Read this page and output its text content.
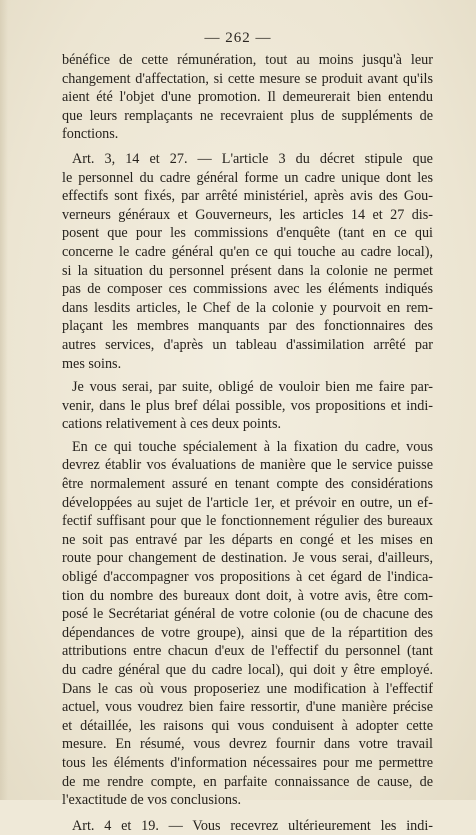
— 262 —
bénéfice de cette rémunération, tout au moins jusqu'à leur
changement d'affectation, si cette mesure se produit avant qu'ils
aient été l'objet d'une promotion. Il demeurerait bien entendu
que leurs remplaçants ne recevraient plus de suppléments de
fonctions.
Art. 3, 14 et 27. — L'article 3 du décret stipule que
le personnel du cadre général forme un cadre unique dont les
effectifs sont fixés, par arrêté ministériel, après avis des Gou-
verneurs généraux et Gouverneurs, les articles 14 et 27 dis-
posent que pour les commissions d'enquête (tant en ce qui
concerne le cadre général qu'en ce qui touche au cadre local),
si la situation du personnel présent dans la colonie ne permet
pas de composer ces commissions avec les éléments indiqués
dans lesdits articles, le Chef de la colonie y pourvoit en rem-
plaçant les membres manquants par des fonctionnaires des
autres services, d'après un tableau d'assimilation arrêté par
mes soins.
Je vous serai, par suite, obligé de vouloir bien me faire par-
venir, dans le plus bref délai possible, vos propositions et indi-
cations relativement à ces deux points.
En ce qui touche spécialement à la fixation du cadre, vous
devrez établir vos évaluations de manière que le service puisse
être normalement assuré en tenant compte des considérations
développées au sujet de l'article 1er, et prévoir en outre, un ef-
fectif suffisant pour que le fonctionnement régulier des bureaux
ne soit pas entravé par les départs en congé et les mises en
route pour changement de destination. Je vous serai, d'ailleurs,
obligé d'accompagner vos propositions à cet égard de l'indica-
tion du nombre des bureaux dont doit, à votre avis, être com-
posé le Secrétariat général de votre colonie (ou de chacune des
dépendances de votre groupe), ainsi que de la répartition des
attributions entre chacun d'eux de l'effectif du personnel (tant
du cadre général que du cadre local), qui doit y être employé.
Dans le cas où vous proposeriez une modification à l'effectif
actuel, vous voudrez bien faire ressortir, d'une manière précise
et détaillée, les raisons qui vous conduisent à adopter cette
mesure. En résumé, vous devrez fournir dans votre travail
tous les éléments d'information nécessaires pour me permettre
de me rendre compte, en parfaite connaissance de cause, de
l'exactitude de vos conclusions.
Art. 4 et 19. — Vous recevrez ultérieurement les indi-
